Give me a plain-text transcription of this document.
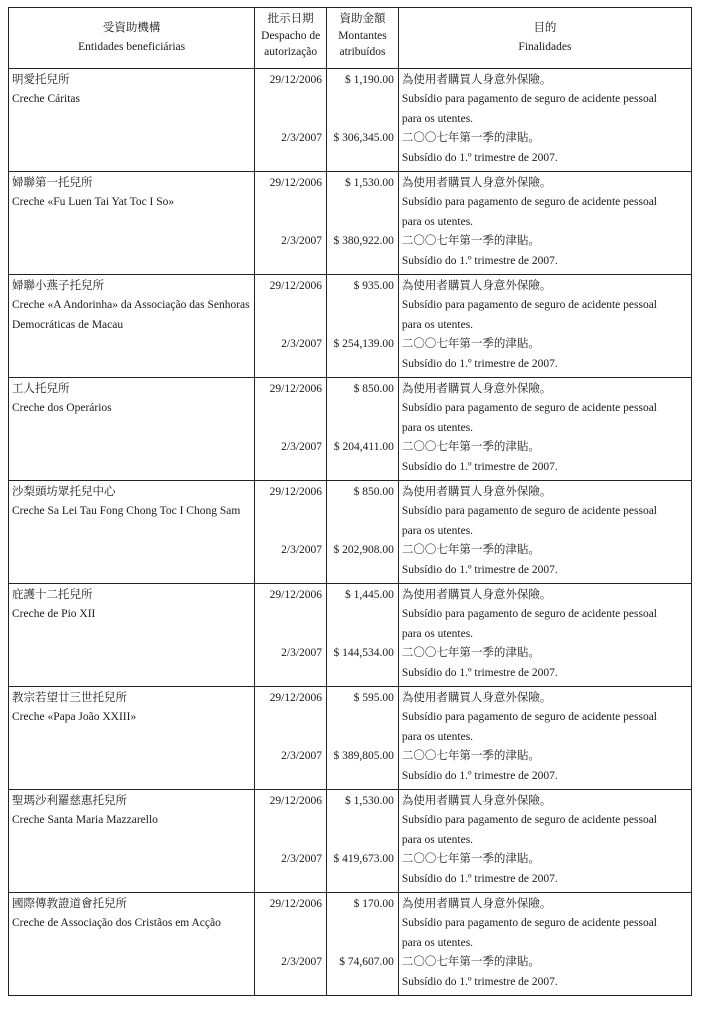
受資助機構
Entidades beneficiárias
批示日期
Despacho de
autorização
資助金額
Montantes
atribuídos
目的
Finalidades
明愛托兒所
Creche Cáritas
29/12/2006
2/3/2007
$ 1,190.00
$ 306,345.00
為使用者購買人身意外保險。
Subsídio para pagamento de seguro de acidente pessoal
para os utentes.
二〇〇七年第一季的津貼。
Subsídio do 1.º trimestre de 2007.
婦聯第一托兒所
Creche «Fu Luen Tai Yat Toc I So»
29/12/2006
2/3/2007
$ 1,530.00
$ 380,922.00
為使用者購買人身意外保險。
Subsídio para pagamento de seguro de acidente pessoal
para os utentes.
二〇〇七年第一季的津貼。
Subsídio do 1.º trimestre de 2007.
婦聯小燕子托兒所
Creche «A Andorinha» da Associação das Senhoras Democráticas de Macau
29/12/2006
2/3/2007
$ 935.00
$ 254,139.00
為使用者購買人身意外保險。
Subsídio para pagamento de seguro de acidente pessoal
para os utentes.
二〇〇七年第一季的津貼。
Subsídio do 1.º trimestre de 2007.
工人托兒所
Creche dos Operários
29/12/2006
2/3/2007
$ 850.00
$ 204,411.00
為使用者購買人身意外保險。
Subsídio para pagamento de seguro de acidente pessoal
para os utentes.
二〇〇七年第一季的津貼。
Subsídio do 1.º trimestre de 2007.
沙梨頭坊眾托兒中心
Creche Sa Lei Tau Fong Chong Toc I Chong Sam
29/12/2006
2/3/2007
$ 850.00
$ 202,908.00
為使用者購買人身意外保險。
Subsídio para pagamento de seguro de acidente pessoal
para os utentes.
二〇〇七年第一季的津貼。
Subsídio do 1.º trimestre de 2007.
庇護十二托兒所
Creche de Pio XII
29/12/2006
2/3/2007
$ 1,445.00
$ 144,534.00
為使用者購買人身意外保險。
Subsídio para pagamento de seguro de acidente pessoal
para os utentes.
二〇〇七年第一季的津貼。
Subsídio do 1.º trimestre de 2007.
教宗若望廿三世托兒所
Creche «Papa João XXIII»
29/12/2006
2/3/2007
$ 595.00
$ 389,805.00
為使用者購買人身意外保險。
Subsídio para pagamento de seguro de acidente pessoal
para os utentes.
二〇〇七年第一季的津貼。
Subsídio do 1.º trimestre de 2007.
聖瑪沙利羅慈惠托兒所
Creche Santa Maria Mazzarello
29/12/2006
2/3/2007
$ 1,530.00
$ 419,673.00
為使用者購買人身意外保險。
Subsídio para pagamento de seguro de acidente pessoal
para os utentes.
二〇〇七年第一季的津貼。
Subsídio do 1.º trimestre de 2007.
國際傳教證道會托兒所
Creche de Associação dos Cristãos em Acção
29/12/2006
2/3/2007
$ 170.00
$ 74,607.00
為使用者購買人身意外保險。
Subsídio para pagamento de seguro de acidente pessoal
para os utentes.
二〇〇七年第一季的津貼。
Subsídio do 1.º trimestre de 2007.
